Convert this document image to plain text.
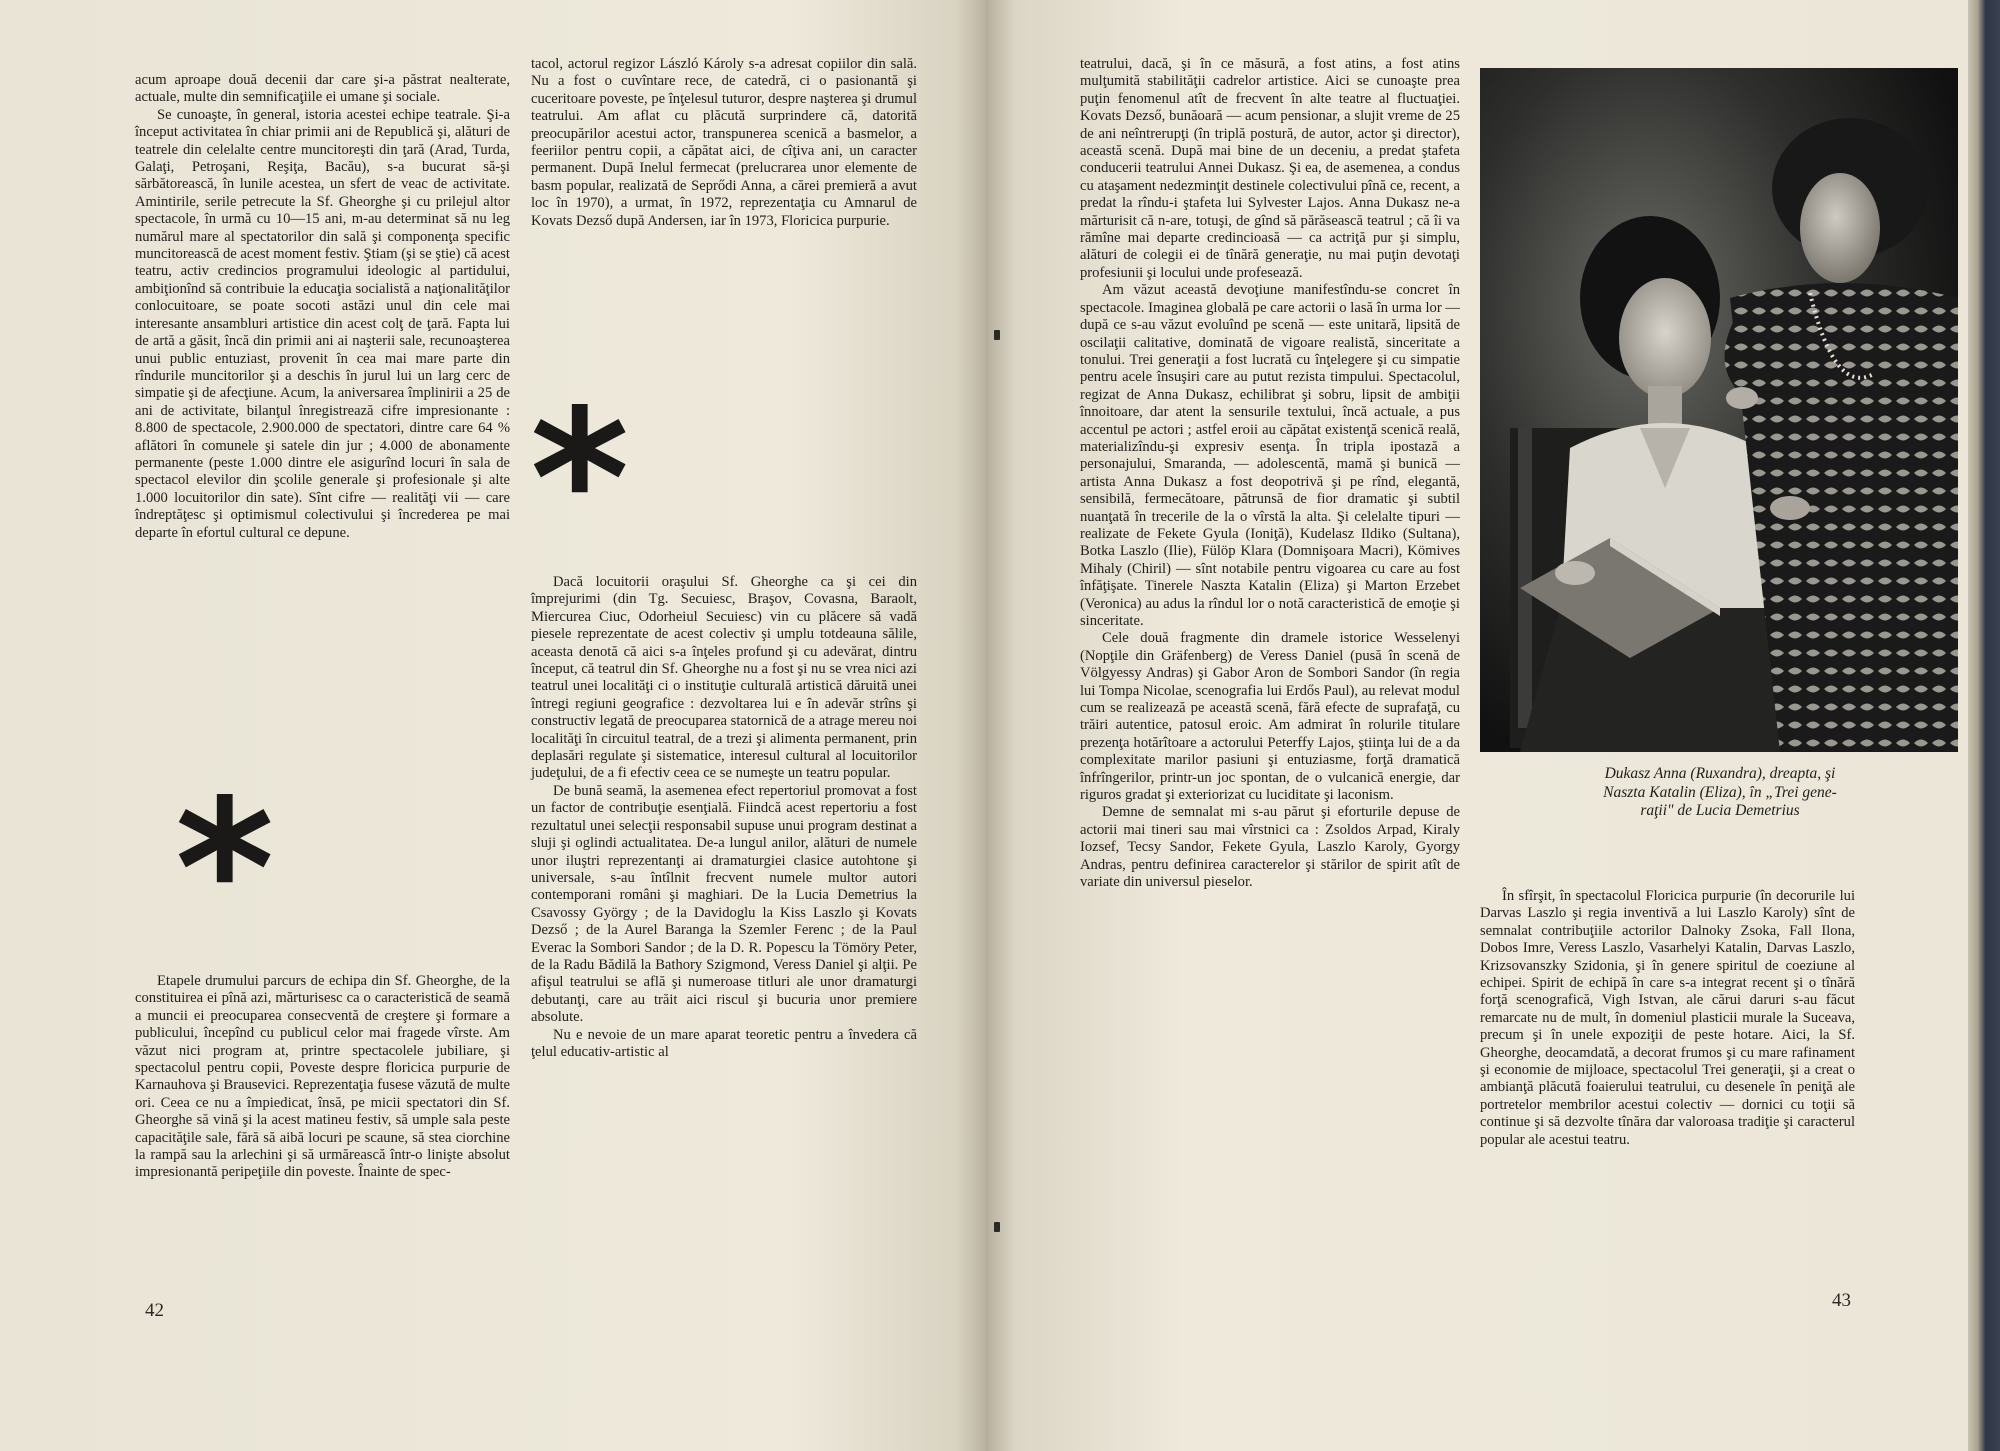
acum aproape două decenii dar care şi-a păstrat nealterate, actuale, multe din semnificaţiile ei umane şi sociale.

Se cunoaşte, în general, istoria acestei echipe teatrale. Şi-a început activitatea în chiar primii ani de Republică şi, alături de teatrele din celelalte centre muncitoreşti din ţară (Arad, Turda, Galaţi, Petroşani, Reşiţa, Bacău), s-a bucurat să-şi sărbătorească, în lunile acestea, un sfert de veac de activitate. Amintirile, serile petrecute la Sf. Gheorghe şi cu prilejul altor spectacole, în urmă cu 10—15 ani, m-au determinat să nu leg numărul mare al spectatorilor din sală şi componenţa specific muncitorească de acest moment festiv. Ştiam (şi se ştie) că acest teatru, activ credincios programului ideologic al partidului, ambiţionînd să contribuie la educaţia socialistă a naţionalităţilor conlocuitoare, se poate socoti astăzi unul din cele mai interesante ansambluri artistice din acest colţ de ţară. Fapta lui de artă a găsit, încă din primii ani ai naşterii sale, recunoaşterea unui public entuziast, provenit în cea mai mare parte din rîndurile muncitorilor şi a deschis în jurul lui un larg cerc de simpatie şi de afecţiune. Acum, la aniversarea împlinirii a 25 de ani de activitate, bilanţul înregistrează cifre impresionante : 8.800 de spectacole, 2.900.000 de spectatori, dintre care 64 % aflători în comunele şi satele din jur ; 4.000 de abonamente permanente (peste 1.000 dintre ele asigurînd locuri în sala de spectacol elevilor din şcolile generale şi profesionale şi alte 1.000 locuitorilor din sate). Sînt cifre — realităţi vii — care îndreptăţesc şi optimismul colectivului şi încrederea pe mai departe în efortul cultural ce depune.

*

Etapele drumului parcurs de echipa din Sf. Gheorghe, de la constituirea ei pînă azi, mărturisesc ca o caracteristică de seamă a muncii ei preocuparea consecventă de creştere şi formare a publicului, începînd cu publicul celor mai fragede vîrste. Am văzut nici program at, printre spectacolele jubiliare, şi spectacolul pentru copii, Poveste despre floricica purpurie de Karnauhova şi Brausevici. Reprezentaţia fusese văzută de multe ori. Ceea ce nu a împiedicat, însă, pe micii spectatori din Sf. Gheorghe să vină şi la acest matineu festiv, să umple sala peste capacităţile sale, fără să aibă locuri pe scaune, să stea ciorchine la rampă sau la arlechini şi să urmărească într-o linişte absolut impresionantă peripeţiile din poveste. Înainte de spec-

tacol, actorul regizor László Károly s-a adresat copiilor din sală. Nu a fost o cuvîntare rece, de catedră, ci o pasionantă şi cuceritoare poveste, pe înţelesul tuturor, despre naşterea şi drumul teatrului. Am aflat cu plăcută surprindere că, datorită preocupărilor acestui actor, transpunerea scenică a basmelor, a feeriilor pentru copii, a căpătat aici, de cîţiva ani, un caracter permanent. După Inelul fermecat (prelucrarea unor elemente de basm popular, realizată de Seprődi Anna, a cărei premieră a avut loc în 1970), a urmat, în 1972, reprezentaţia cu Amnarul de Kovats Dezső după Andersen, iar în 1973, Floricica purpurie.

*

Dacă locuitorii oraşului Sf. Gheorghe ca şi cei din împrejurimi (din Tg. Secuiesc, Braşov, Covasna, Baraolt, Miercurea Ciuc, Odorheiul Secuiesc) vin cu plăcere să vadă piesele reprezentate de acest colectiv şi umplu totdeauna sălile, aceasta denotă că aici s-a înţeles profund şi cu adevărat, dintru început, că teatrul din Sf. Gheorghe nu a fost şi nu se vrea nici azi teatrul unei localităţi ci o instituţie culturală artistică dăruită unei întregi regiuni geografice : dezvoltarea lui e în adevăr strîns şi constructiv legată de preocuparea statornică de a atrage mereu noi localităţi în circuitul teatral, de a trezi şi alimenta permanent, prin deplasări regulate şi sistematice, interesul cultural al locuitorilor judeţului, de a fi efectiv ceea ce se numeşte un teatru popular.

De bună seamă, la asemenea efect repertoriul promovat a fost un factor de contribuţie esenţială. Fiindcă acest repertoriu a fost rezultatul unei selecţii responsabil supuse unui program destinat a sluji şi oglindi actualitatea. De-a lungul anilor, alături de numele unor iluştri reprezentanţi ai dramaturgiei clasice autohtone şi universale, s-au întîlnit frecvent numele multor autori contemporani români şi maghiari. De la Lucia Demetrius la Csavossy György ; de la Davidoglu la Kiss Laszlo şi Kovats Dezső ; de la Aurel Baranga la Szemler Ferenc ; de la Paul Everac la Sombori Sandor ; de la D. R. Popescu la Tömöry Peter, de la Radu Bădilă la Bathory Szigmond, Veress Daniel şi alţii. Pe afişul teatrului se află şi numeroase titluri ale unor dramaturgi debutanţi, care au trăit aici riscul şi bucuria unor premiere absolute.

Nu e nevoie de un mare aparat teoretic pentru a învedera că ţelul educativ-artistic al

42

teatrului, dacă, şi în ce măsură, a fost atins, a fost atins mulţumită stabilităţii cadrelor artistice. Aici se cunoaşte prea puţin fenomenul atît de frecvent în alte teatre al fluctuaţiei. Kovats Dezső, bunăoară — acum pensionar, a slujit vreme de 25 de ani neîntrerupţi (în triplă postură, de autor, actor şi director), această scenă. După mai bine de un deceniu, a predat ştafeta conducerii teatrului Annei Dukasz. Şi ea, de asemenea, a condus cu ataşament nedezminţit destinele colectivului pînă ce, recent, a predat la rîndu-i ştafeta lui Sylvester Lajos. Anna Dukasz ne-a mărturisit că n-are, totuşi, de gînd să părăsească teatrul ; că îi va rămîne mai departe credincioasă — ca actriţă pur şi simplu, alături de colegii ei de tînără generaţie, nu mai puţin devotaţi profesiunii şi locului unde profesează.

Am văzut această devoţiune manifestîndu-se concret în spectacole. Imaginea globală pe care actorii o lasă în urma lor — după ce s-au văzut evoluînd pe scenă — este unitară, lipsită de oscilaţii calitative, dominată de vigoare realistă, sinceritate a tonului. Trei generaţii a fost lucrată cu înţelegere şi cu simpatie pentru acele însuşiri care au putut rezista timpului. Spectacolul, regizat de Anna Dukasz, echilibrat şi sobru, lipsit de ambiţii înnoitoare, dar atent la sensurile textului, încă actuale, a pus accentul pe actori ; astfel eroii au căpătat existenţă scenică reală, materializîndu-şi expresiv esenţa. În tripla ipostază a personajului, Smaranda, — adolescentă, mamă şi bunică — artista Anna Dukasz a fost deopotrivă şi pe rînd, elegantă, sensibilă, fermecătoare, pătrunsă de fior dramatic şi subtil nuanţată în trecerile de la o vîrstă la alta. Şi celelalte tipuri — realizate de Fekete Gyula (Ioniţă), Kudelasz Ildiko (Sultana), Botka Laszlo (Ilie), Fülöp Klara (Domnişoara Macri), Kömives Mihaly (Chiril) — sînt notabile pentru vigoarea cu care au fost înfăţişate. Tinerele Naszta Katalin (Eliza) şi Marton Erzebet (Veronica) au adus la rîndul lor o notă caracteristică de emoţie şi sinceritate.

Cele două fragmente din dramele istorice Wesselenyi (Nopţile din Gräfenberg) de Veress Daniel (pusă în scenă de Völgyessy Andras) şi Gabor Aron de Sombori Sandor (în regia lui Tompa Nicolae, scenografia lui Erdős Paul), au relevat modul cum se realizează pe această scenă, fără efecte de suprafaţă, cu trăiri autentice, patosul eroic. Am admirat în rolurile titulare prezenţa hotărîtoare a actorului Peterffy Lajos, ştiinţa lui de a da complexitate marilor pasiuni şi entuziasme, forţă dramatică înfrîngerilor, printr-un joc spontan, de o vulcanică energie, dar riguros gradat şi exteriorizat cu luciditate şi laconism.

Demne de semnalat mi s-au părut şi eforturile depuse de actorii mai tineri sau mai vîrstnici ca : Zsoldos Arpad, Kiraly Iozsef, Tecsy Sandor, Fekete Gyula, Laszlo Karoly, Gyorgy Andras, pentru definirea caracterelor şi stărilor de spirit atît de variate din universul pieselor.

Dukasz Anna (Ruxandra), dreapta, şi
Naszta Katalin (Eliza), în „Trei gene-
raţii" de Lucia Demetrius

În sfîrşit, în spectacolul Floricica purpurie (în decorurile lui Darvas Laszlo şi regia inventivă a lui Laszlo Karoly) sînt de semnalat contribuţiile actorilor Dalnoky Zsoka, Fall Ilona, Dobos Imre, Veress Laszlo, Vasarhelyi Katalin, Darvas Laszlo, Krizsovanszky Szidonia, şi în genere spiritul de coeziune al echipei. Spirit de echipă în care s-a integrat recent şi o tînără forţă scenografică, Vigh Istvan, ale cărui daruri s-au făcut remarcate nu de mult, în domeniul plasticii murale la Suceava, precum şi în unele expoziţii de peste hotare. Aici, la Sf. Gheorghe, deocamdată, a decorat frumos şi cu mare rafinament şi economie de mijloace, spectacolul Trei generaţii, şi a creat o ambianţă plăcută foaierului teatrului, cu desenele în peniţă ale portretelor membrilor acestui colectiv — dornici cu toţii să continue şi să dezvolte tînăra dar valoroasa tradiţie şi caracterul popular ale acestui teatru.

43
